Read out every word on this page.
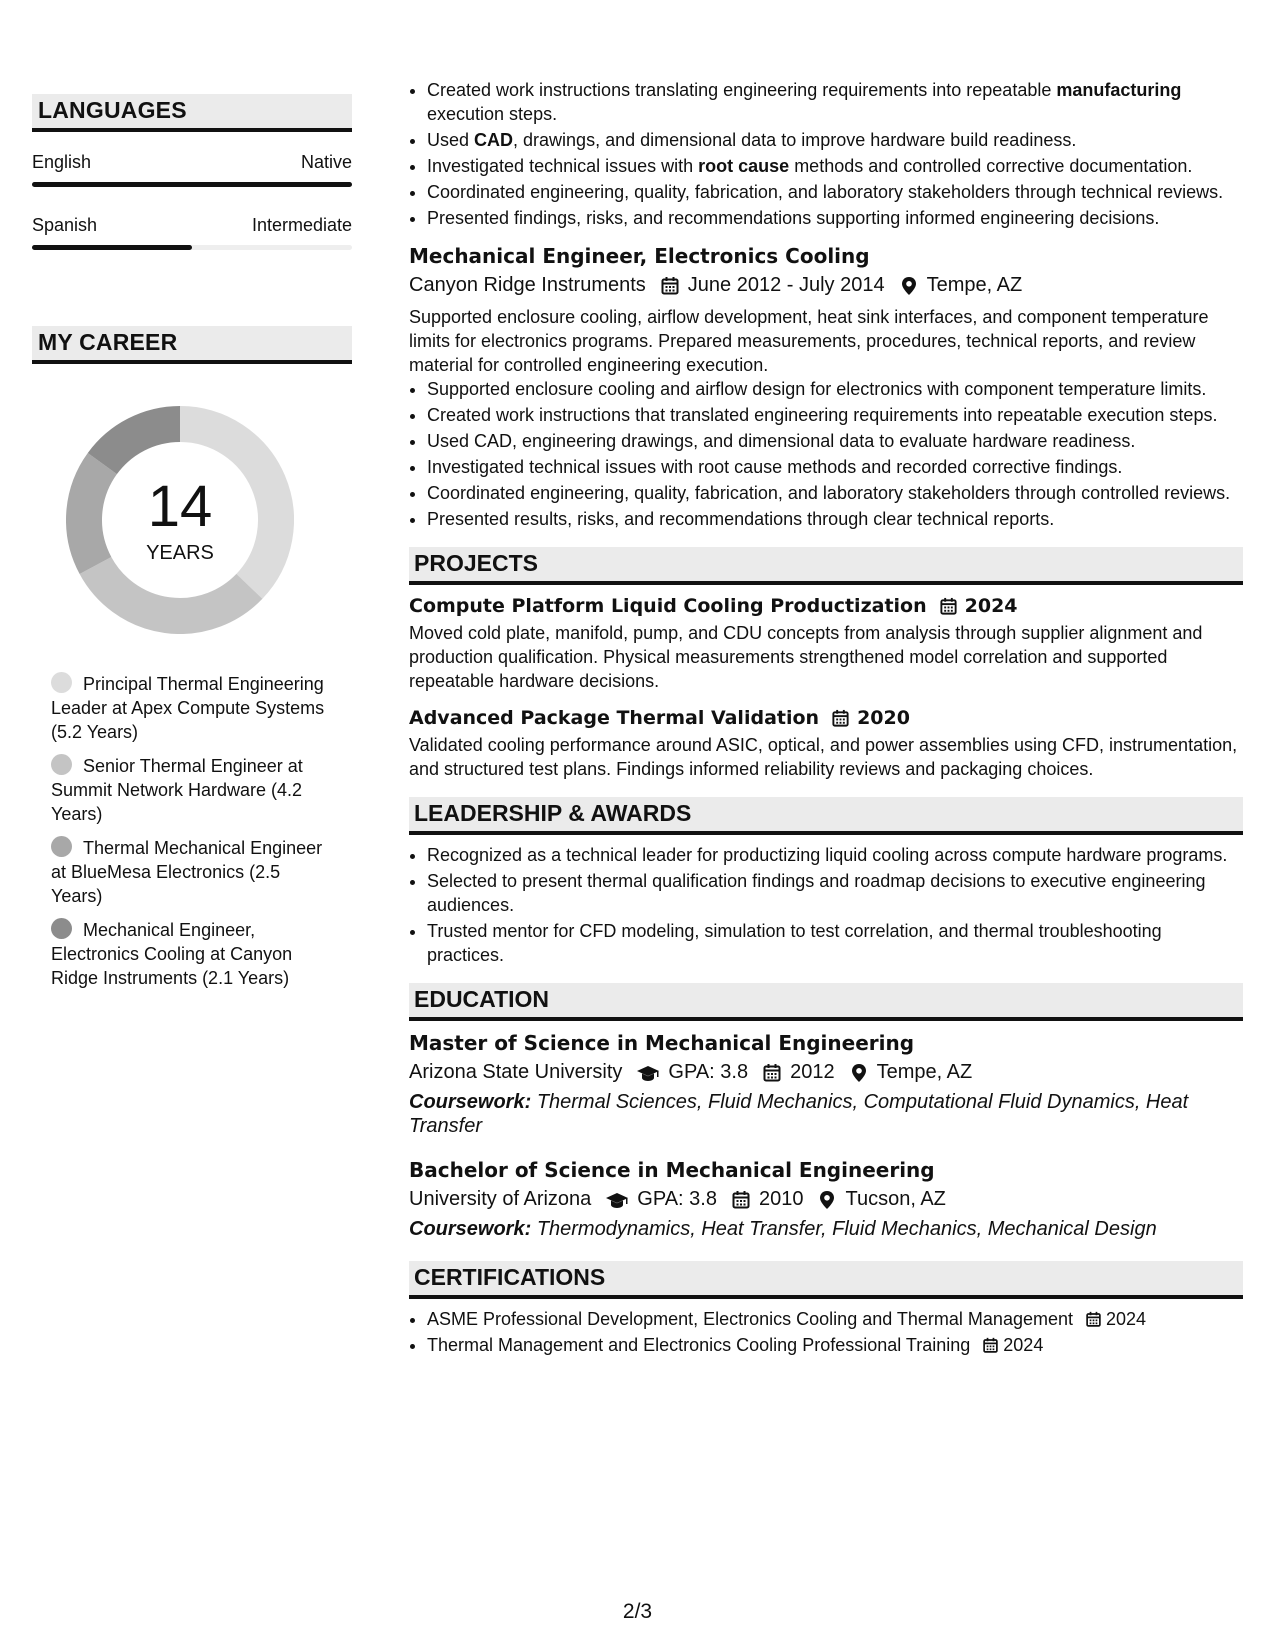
LANGUAGES
English	Native
Spanish	Intermediate
MY CAREER
14
YEARS
Principal Thermal Engineering Leader at Apex Compute Systems (5.2 Years)
Senior Thermal Engineer at Summit Network Hardware (4.2 Years)
Thermal Mechanical Engineer at BlueMesa Electronics (2.5 Years)
Mechanical Engineer, Electronics Cooling at Canyon Ridge Instruments (2.1 Years)
• Created work instructions translating engineering requirements into repeatable manufacturing execution steps.
• Used CAD, drawings, and dimensional data to improve hardware build readiness.
• Investigated technical issues with root cause methods and controlled corrective documentation.
• Coordinated engineering, quality, fabrication, and laboratory stakeholders through technical reviews.
• Presented findings, risks, and recommendations supporting informed engineering decisions.
Mechanical Engineer, Electronics Cooling
Canyon Ridge Instruments June 2012 - July 2014 Tempe, AZ
Supported enclosure cooling, airflow development, heat sink interfaces, and component temperature limits for electronics programs. Prepared measurements, procedures, technical reports, and review material for controlled engineering execution.
• Supported enclosure cooling and airflow design for electronics with component temperature limits.
• Created work instructions that translated engineering requirements into repeatable execution steps.
• Used CAD, engineering drawings, and dimensional data to evaluate hardware readiness.
• Investigated technical issues with root cause methods and recorded corrective findings.
• Coordinated engineering, quality, fabrication, and laboratory stakeholders through controlled reviews.
• Presented results, risks, and recommendations through clear technical reports.
PROJECTS
Compute Platform Liquid Cooling Productization 2024
Moved cold plate, manifold, pump, and CDU concepts from analysis through supplier alignment and production qualification. Physical measurements strengthened model correlation and supported repeatable hardware decisions.
Advanced Package Thermal Validation 2020
Validated cooling performance around ASIC, optical, and power assemblies using CFD, instrumentation, and structured test plans. Findings informed reliability reviews and packaging choices.
LEADERSHIP & AWARDS
• Recognized as a technical leader for productizing liquid cooling across compute hardware programs.
• Selected to present thermal qualification findings and roadmap decisions to executive engineering audiences.
• Trusted mentor for CFD modeling, simulation to test correlation, and thermal troubleshooting practices.
EDUCATION
Master of Science in Mechanical Engineering
Arizona State University GPA: 3.8 2012 Tempe, AZ
Coursework: Thermal Sciences, Fluid Mechanics, Computational Fluid Dynamics, Heat Transfer
Bachelor of Science in Mechanical Engineering
University of Arizona GPA: 3.8 2010 Tucson, AZ
Coursework: Thermodynamics, Heat Transfer, Fluid Mechanics, Mechanical Design
CERTIFICATIONS
• ASME Professional Development, Electronics Cooling and Thermal Management 2024
• Thermal Management and Electronics Cooling Professional Training 2024
2/3
